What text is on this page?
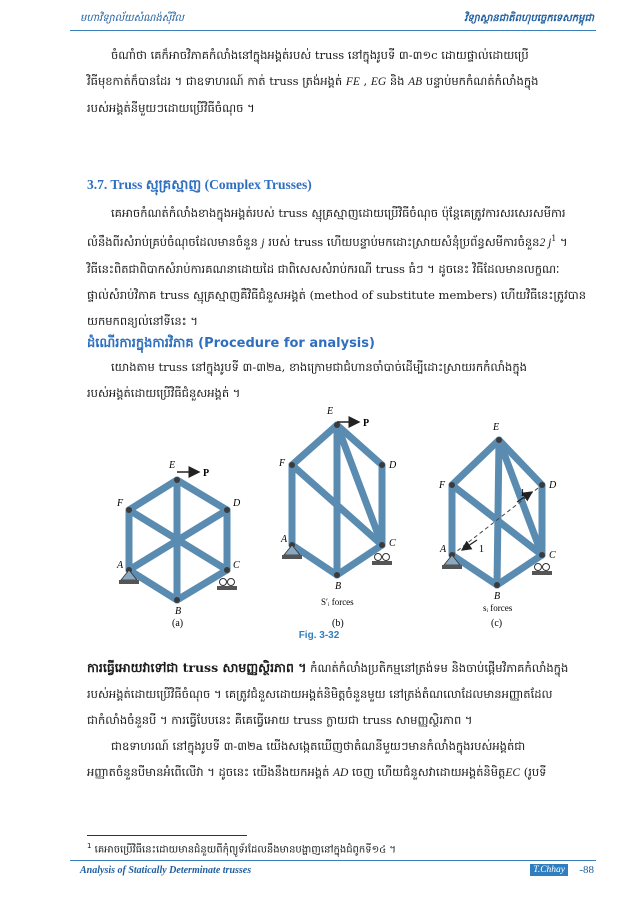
មហាវិទ្យាល័យសំណង់ស៊ីវិល	វិទ្យាស្ថានជាតិពហុបច្ចេកទេសកម្ពុជា

ចំណាំថា គេក៏អាចវិភាគកំលាំងនៅក្នុងអង្គត់របស់ truss នៅក្នុងរូបទី ៣-៣១c ដោយផ្ទាល់ដោយប្រើ
វិធីមុខកាត់ក៏បានដែរ ។ ជាឧទាហរណ៍ កាត់ truss ត្រង់អង្គត់ FE , EG និង AB បន្ទាប់មកកំណត់កំលាំងក្នុង
របស់អង្គត់នីមួយៗដោយប្រើវិធីចំណុច ។

3.7. Truss ស្មុគ្រស្មាញ (Complex Trusses)

គេអាចកំណត់កំលាំងខាងក្នុងអង្គត់របស់ truss ស្មុគ្រស្មាញដោយប្រើវិធីចំណុច ប៉ុន្តែគេត្រូវការសរសេរសមីការ
លំនឹងពីរសំរាប់គ្រប់ចំណុចដែលមានចំនួន j របស់ truss ហើយបន្ទាប់មកដោះស្រាយសំនុំប្រព័ន្ធសមីការចំនួន2 $j^1$ ។
វិធីនេះពិតជាពិបាកសំរាប់ការគណនាដោយដៃ ជាពិសេសសំរាប់ករណី truss ធំៗ ។ ដូចនេះ វិធីដែលមានលក្ខណៈ
ផ្ទាល់សំរាប់វិភាគ truss ស្មុគ្រស្មាញគឺវិធីជំនួសអង្គត់ (method of substitute members) ហើយវិធីនេះត្រូវបាន
យកមកពន្យល់នៅទីនេះ ។

ដំណើរការក្នុងការវិភាគ (Procedure for analysis)

យោងតាម truss នៅក្នុងរូបទី ៣-៣២a, ខាងក្រោមជាជំហានចាំបាច់ដើម្បីដោះស្រាយរកកំលាំងក្នុង
របស់អង្គត់ដោយប្រើវិធីជំនួសអង្គត់ ។

P
E
F	D
A	C
B
(a)
P
E
F	D
A	C
B
S′ᵢ forces
(b)
1
1
E
F	D
A
C
B
sᵢ forces
(c)
Fig. 3-32

ការធ្វើអោយវាទៅជា truss សាមញ្ញស្ថិរភាព ។ កំណត់កំលាំងប្រតិកម្មនៅត្រង់ទម និងចាប់ផ្តើមវិភាគកំលាំងក្នុង
របស់អង្គត់ដោយប្រើវិធីចំណុច ។ គេត្រូវជំនួសដោយអង្គត់និមិត្តចំនួនមួយ នៅត្រង់តំណលោដែលមានអញ្ញាតដែល
ជាកំលាំងចំនួនបី ។ ការធ្វើបែបនេះ គឺគេធ្វើអោយ truss ក្លាយជា truss សាមញ្ញស្ថិរភាព ។

ជាឧទាហរណ៍ នៅក្នុងរូបទី ៣-៣២a យើងសង្កេតឃើញថាតំណនីមួយៗមានកំលាំងក្នុងរបស់អង្គត់ជា
អញ្ញាតចំនួនបីមានអំពើលើវា ។ ដូចនេះ យើងនឹងយកអង្គត់ AD ចេញ ហើយជំនួសវាដោយអង្គត់និមិត្តEC (រូបទី

$^1$ គេអាចប្រើវិធីនេះដោយមានជំនួយពីកុំព្យូទ័រដែលនឹងមានបង្ហាញនៅក្នុងជំពូកទី១៤ ។
Analysis of Statically Determinate trusses	T.Chhay -88
